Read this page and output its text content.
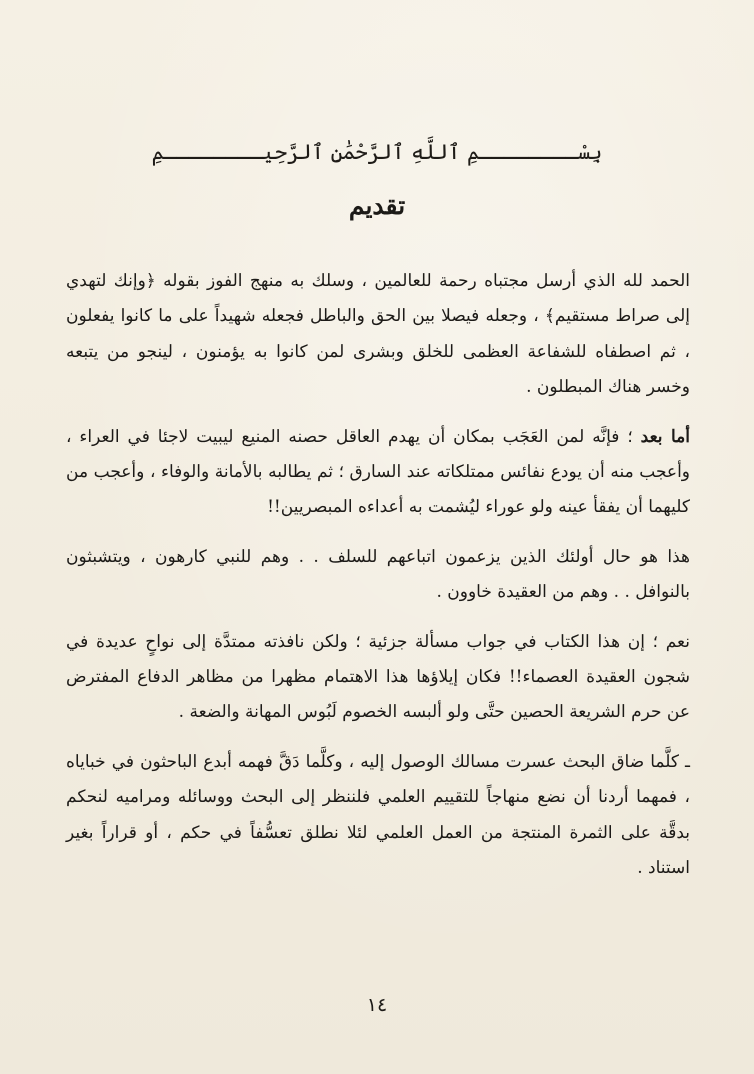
بِسْــــــــمِ ٱللَّهِ ٱلرَّحْمَٰنِ ٱلرَّحِيــــــــمِ
تقديم

الحمد لله الذي أرسل مجتباه رحمة للعالمين ، وسلك به منهج الفوز بقوله ﴿وإنك لتهدي إلى صراط مستقيم﴾ ، وجعله فيصلا بين الحق والباطل فجعله شهيداً على ما كانوا يفعلون ، ثم اصطفاه للشفاعة العظمى للخلق وبشرى لمن كانوا به يؤمنون ، لينجو من يتبعه وخسر هناك المبطلون .

أما بعد ؛ فإنَّه لمن العَجَب بمكان أن يهدم العاقل حصنه المنيع ليبيت لاجئا في العراء ، وأعجب منه أن يودع نفائس ممتلكاته عند السارق ؛ ثم يطالبه بالأمانة والوفاء ، وأعجب من كليهما أن يفقأ عينه ولو عوراء ليُشمت به أعداءه المبصريين!!

هذا هو حال أولئك الذين يزعمون اتباعهم للسلف . . وهم للنبي كارهون ، ويتشبثون بالنوافل . . وهم من العقيدة خاوون .

نعم ؛ إن هذا الكتاب في جواب مسألة جزئية ؛ ولكن نافذته ممتدَّة إلى نواحٍ عديدة في شجون العقيدة العصماء!! فكان إيلاؤها هذا الاهتمام مظهرا من مظاهر الدفاع المفترض عن حرم الشريعة الحصين حتَّى ولو ألبسه الخصوم لَبُوس المهانة والضعة .

ـ كلَّما ضاق البحث عسرت مسالك الوصول إليه ، وكلَّما دَقَّ فهمه أبدع الباحثون في خباياه ، فمهما أردنا أن نضع منهاجاً للتقييم العلمي فلننظر إلى البحث ووسائله ومراميه لنحكم بدقَّة على الثمرة المنتجة من العمل العلمي لئلا نطلق تعسُّفاً في حكم ، أو قراراً بغير استناد .

١٤
